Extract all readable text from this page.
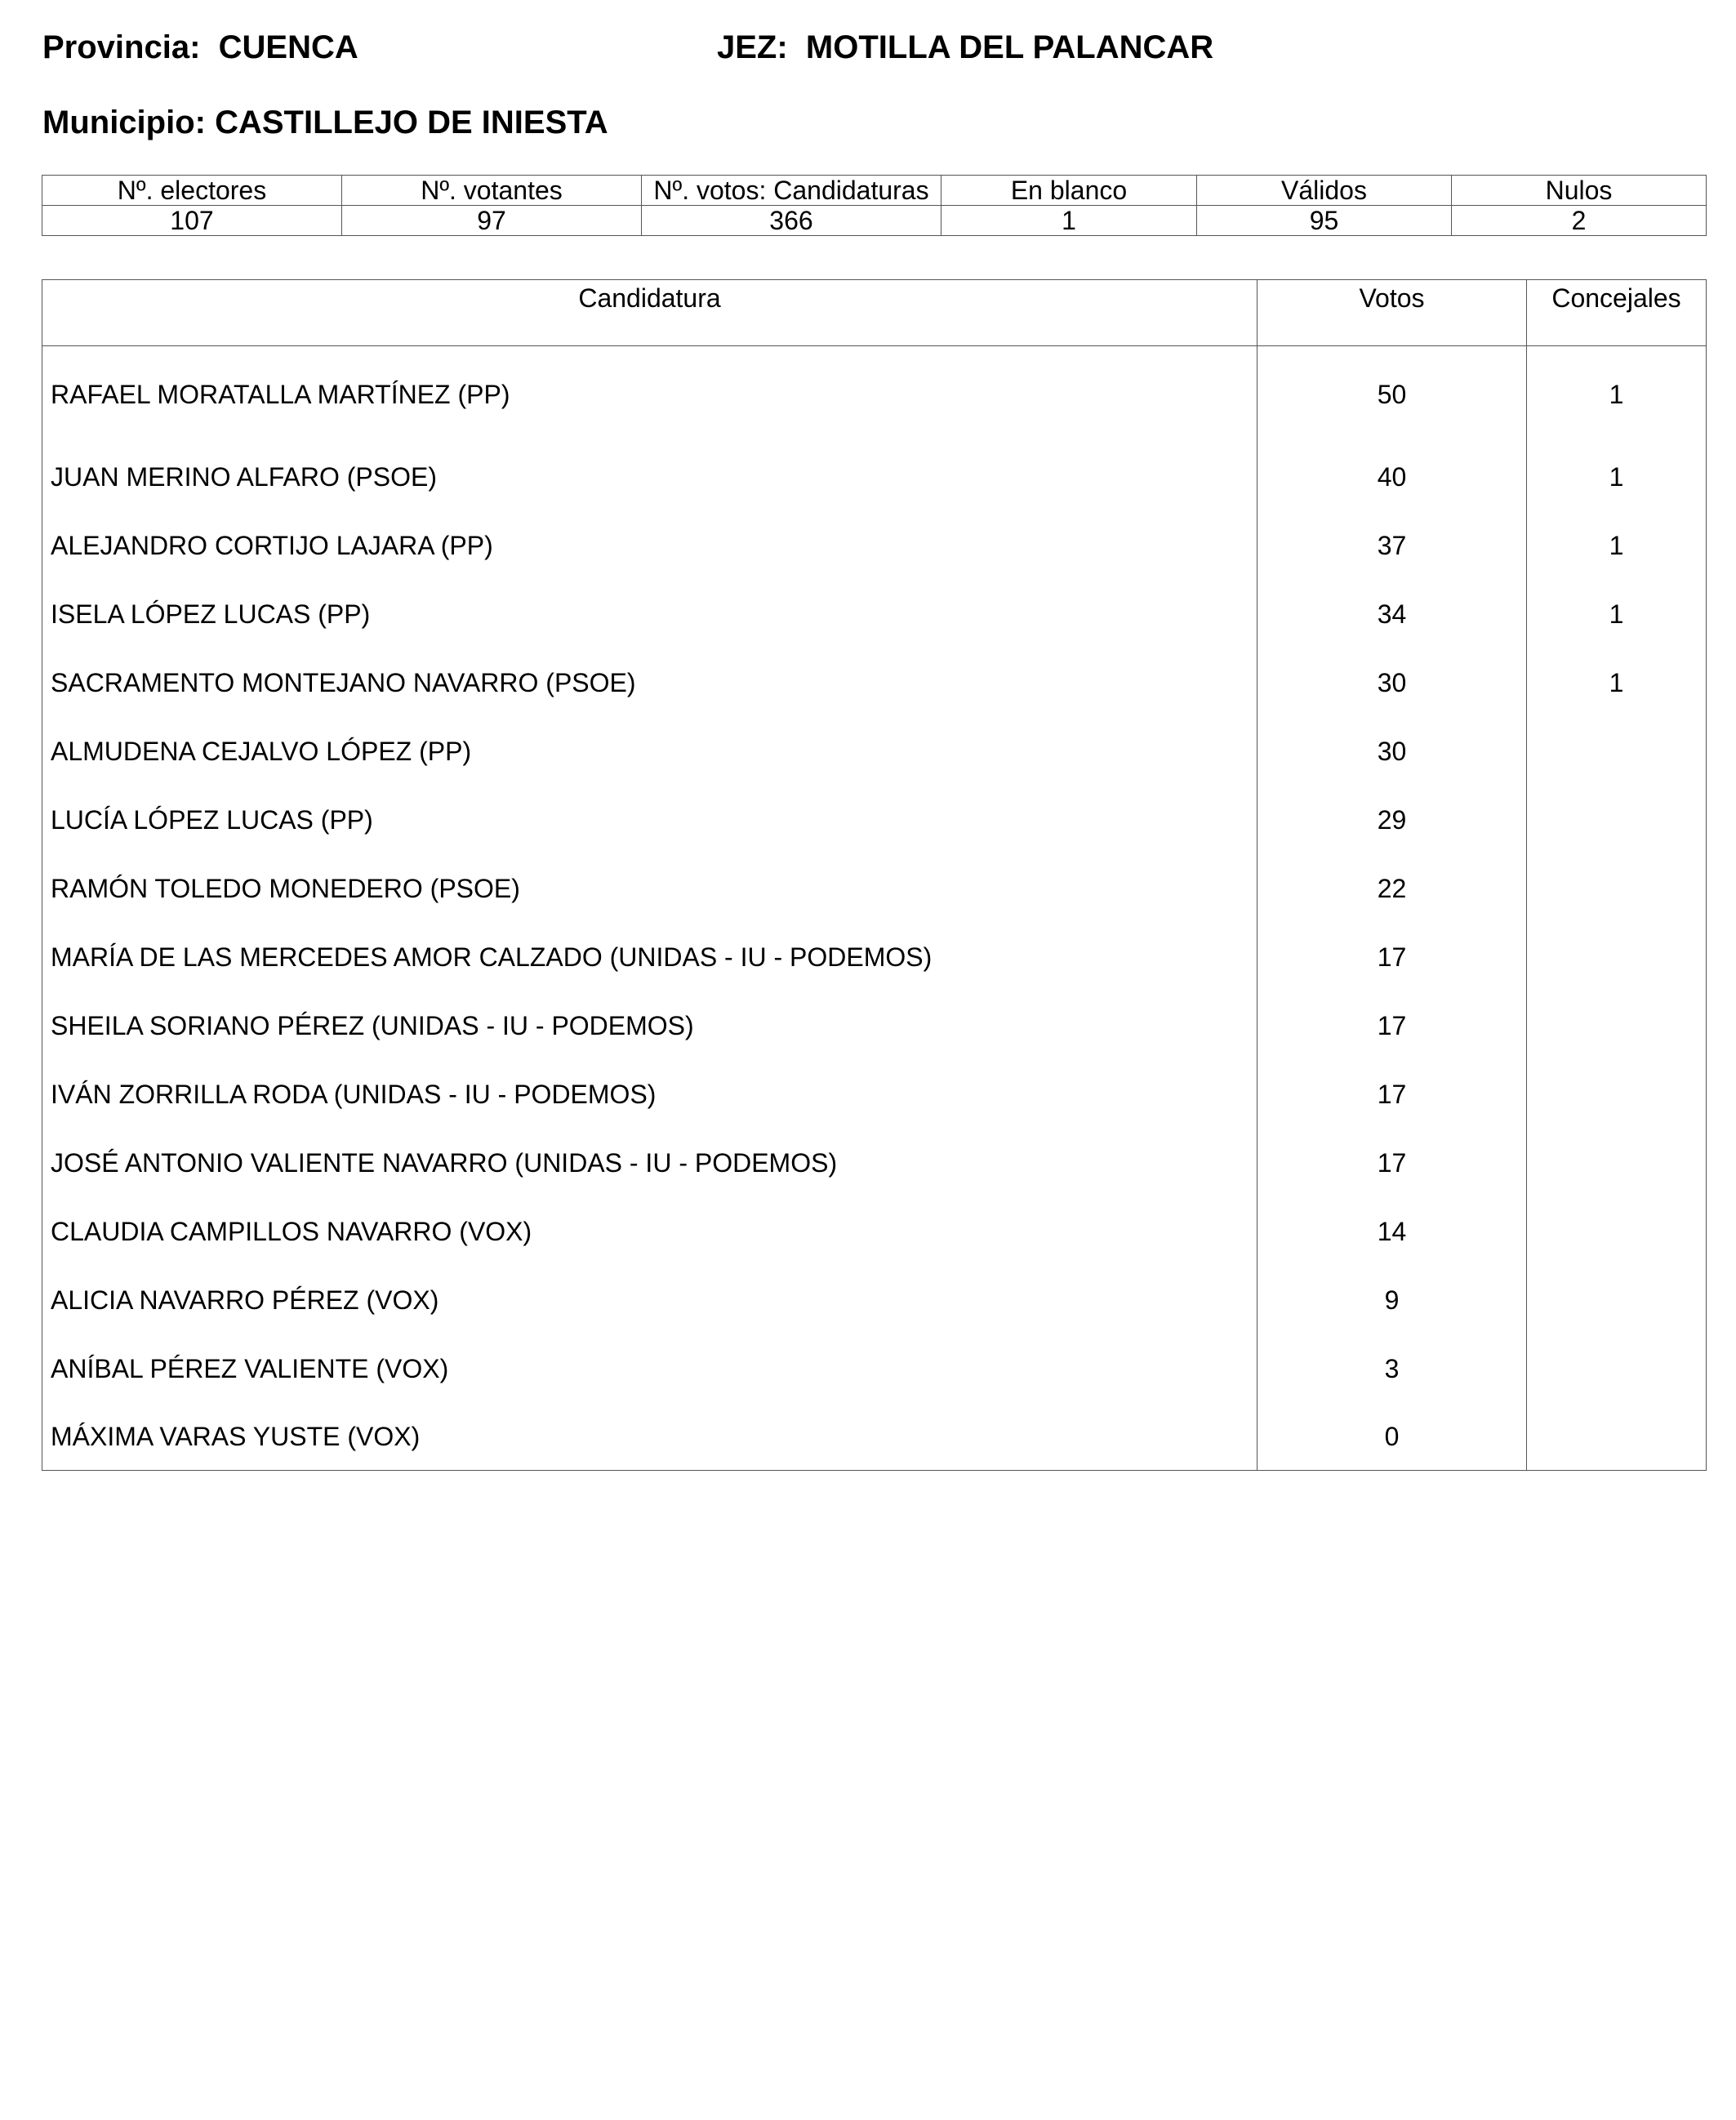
Provincia: CUENCA	JEZ: MOTILLA DEL PALANCAR
Municipio: CASTILLEJO DE INIESTA
Nº. electores	Nº. votantes	Nº. votos: Candidaturas	En blanco	Válidos	Nulos
107	97	366	1	95	2
Candidatura	Votos	Concejales
RAFAEL MORATALLA MARTÍNEZ (PP)	50	1
JUAN MERINO ALFARO (PSOE)	40	1
ALEJANDRO CORTIJO LAJARA (PP)	37	1
ISELA LÓPEZ LUCAS (PP)	34	1
SACRAMENTO MONTEJANO NAVARRO (PSOE)	30	1
ALMUDENA CEJALVO LÓPEZ (PP)	30	
LUCÍA LÓPEZ LUCAS (PP)	29	
RAMÓN TOLEDO MONEDERO (PSOE)	22	
MARÍA DE LAS MERCEDES AMOR CALZADO (UNIDAS - IU - PODEMOS)	17	
SHEILA SORIANO PÉREZ (UNIDAS - IU - PODEMOS)	17	
IVÁN ZORRILLA RODA (UNIDAS - IU - PODEMOS)	17	
JOSÉ ANTONIO VALIENTE NAVARRO (UNIDAS - IU - PODEMOS)	17	
CLAUDIA CAMPILLOS NAVARRO (VOX)	14	
ALICIA NAVARRO PÉREZ (VOX)	9	
ANÍBAL PÉREZ VALIENTE (VOX)	3	
MÁXIMA VARAS YUSTE (VOX)	0	
